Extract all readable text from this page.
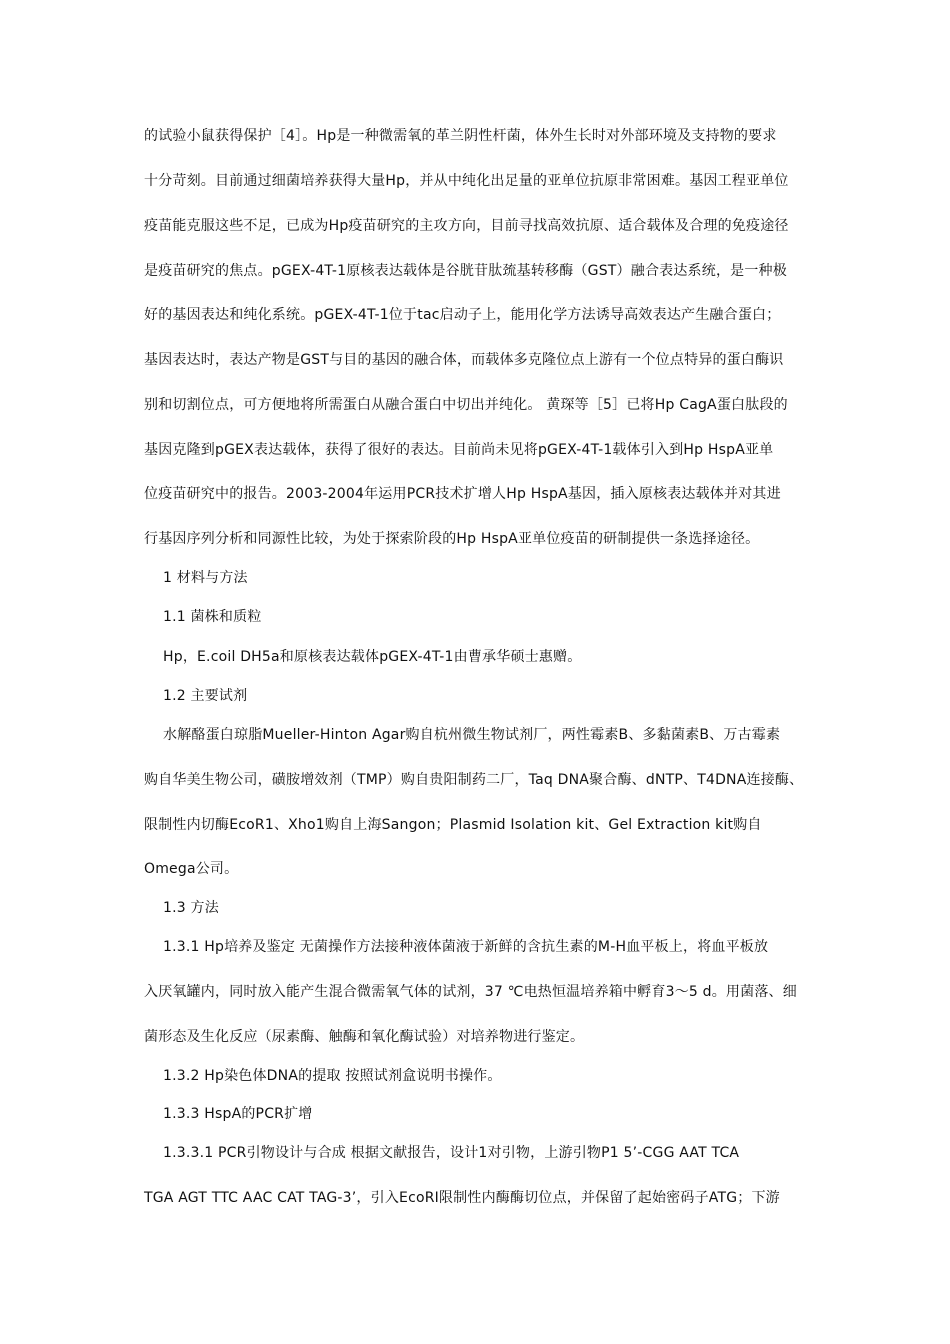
的试验小鼠获得保护［4］。Hp是一种微需氧的革兰阴性杆菌，体外生长时对外部环境及支持物的要求
十分苛刻。目前通过细菌培养获得大量Hp，并从中纯化出足量的亚单位抗原非常困难。基因工程亚单位
疫苗能克服这些不足，已成为Hp疫苗研究的主攻方向，目前寻找高效抗原、适合载体及合理的免疫途径
是疫苗研究的焦点。pGEX-4T-1原核表达载体是谷胱苷肽巯基转移酶（GST）融合表达系统，是一种极
好的基因表达和纯化系统。pGEX-4T-1位于tac启动子上，能用化学方法诱导高效表达产生融合蛋白；
基因表达时，表达产物是GST与目的基因的融合体，而载体多克隆位点上游有一个位点特异的蛋白酶识
别和切割位点，可方便地将所需蛋白从融合蛋白中切出并纯化。 黄琛等［5］已将Hp CagA蛋白肽段的
基因克隆到pGEX表达载体，获得了很好的表达。目前尚未见将pGEX-4T-1载体引入到Hp HspA亚单
位疫苗研究中的报告。2003-2004年运用PCR技术扩增人Hp HspA基因，插入原核表达载体并对其进
行基因序列分析和同源性比较，为处于探索阶段的Hp HspA亚单位疫苗的研制提供一条选择途径。
1 材料与方法
1.1 菌株和质粒
Hp，E.coil DH5a和原核表达载体pGEX-4T-1由曹承华硕士惠赠。
1.2 主要试剂
水解酪蛋白琼脂Mueller-Hinton Agar购自杭州微生物试剂厂，两性霉素B、多黏菌素B、万古霉素
购自华美生物公司，磺胺增效剂（TMP）购自贵阳制药二厂，Taq DNA聚合酶、dNTP、T4DNA连接酶、
限制性内切酶EcoR1、Xho1购自上海Sangon；Plasmid Isolation kit、Gel Extraction kit购自
Omega公司。
1.3 方法
1.3.1 Hp培养及鉴定 无菌操作方法接种液体菌液于新鲜的含抗生素的M-H血平板上，将血平板放
入厌氧罐内，同时放入能产生混合微需氧气体的试剂，37 ℃电热恒温培养箱中孵育3～5 d。用菌落、细
菌形态及生化反应（尿素酶、触酶和氧化酶试验）对培养物进行鉴定。
1.3.2 Hp染色体DNA的提取 按照试剂盒说明书操作。
1.3.3 HspA的PCR扩增
1.3.3.1 PCR引物设计与合成 根据文献报告，设计1对引物，上游引物P1 5’-CGG AAT TCA
TGA AGT TTC AAC CAT TAG-3’，引入EcoRI限制性内酶酶切位点，并保留了起始密码子ATG；下游
